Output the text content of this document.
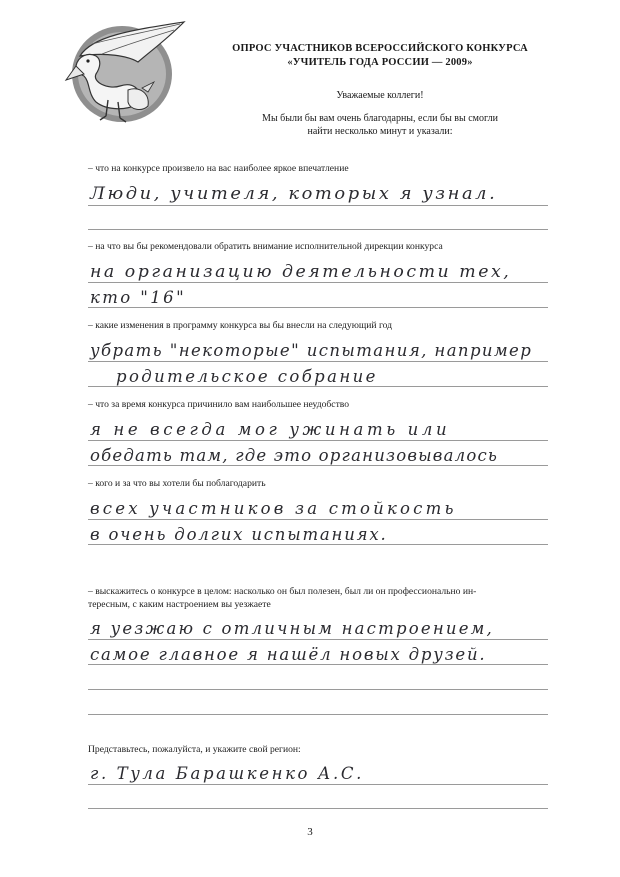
ОПРОС УЧАСТНИКОВ ВСЕРОССИЙСКОГО КОНКУРСА
«УЧИТЕЛЬ ГОДА РОССИИ — 2009»
Уважаемые коллеги!
Мы были бы вам очень благодарны, если бы вы смогли
найти несколько минут и указали:
– что на конкурсе произвело на вас наиболее яркое впечатление
Люди, учителя, которых я узнал.
– на что вы бы рекомендовали обратить внимание исполнительной дирекции конкурса
на организацию деятельности тех,
кто "16"
– какие изменения в программу конкурса вы бы внесли на следующий год
убрать "некоторые" испытания, например
родительское собрание
– что за время конкурса причинило вам наибольшее неудобство
я не всегда мог ужинать или
обедать там, где это организовывалось
– кого и за что вы хотели бы поблагодарить
всех участников за стойкость
в очень долгих испытаниях.
– выскажитесь о конкурсе в целом: насколько он был полезен, был ли он профессионально ин-
тересным, с каким настроением вы уезжаете
я уезжаю с отличным настроением,
самое главное я нашёл новых друзей.
Представьтесь, пожалуйста, и укажите свой регион:
г. Тула Барашкенко А.С.
3
